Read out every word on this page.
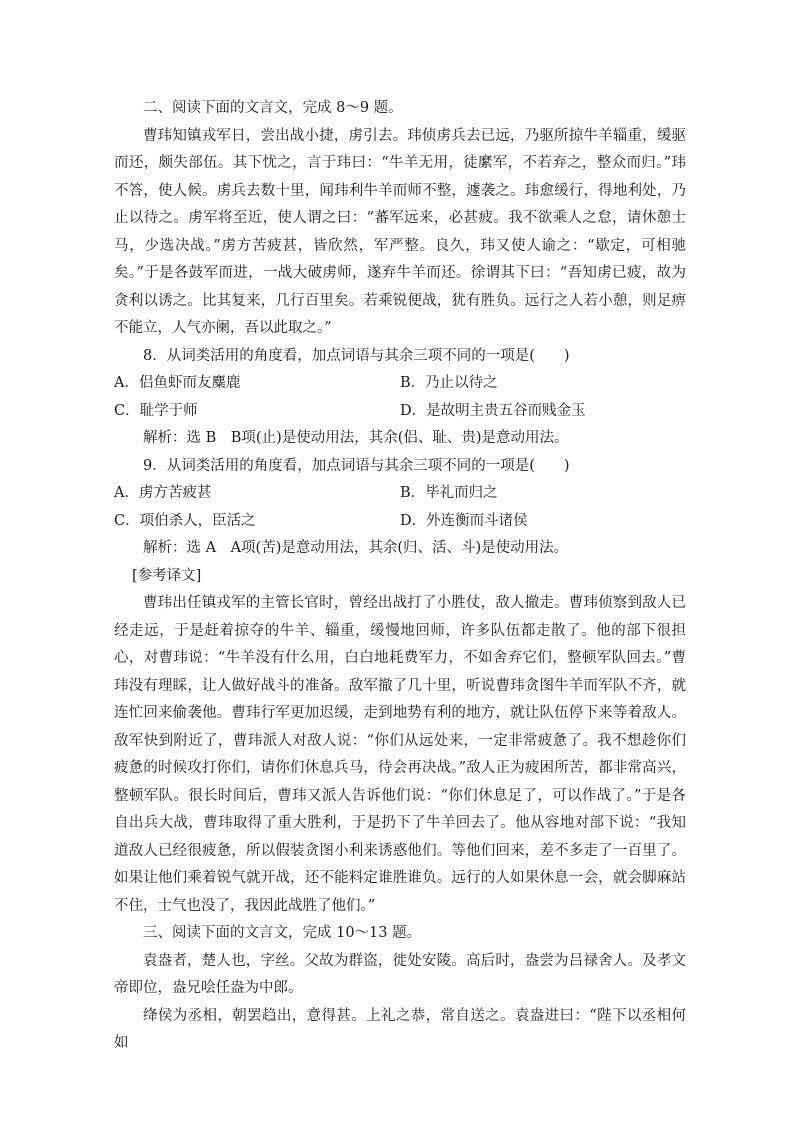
二、阅读下面的文言文，完成 8～9 题。

曹玮知镇戎军日，尝出战小捷，虏引去。玮侦虏兵去已远，乃驱所掠牛羊辎重，缓驱而还，颇失部伍。其下忧之，言于玮曰：“牛羊无用，徒縻军，不若弃之，整众而归。”玮不答，使人候。虏兵去数十里，闻玮利牛羊而师不整，遽袭之。玮愈缓行，得地利处，乃止以待之。虏军将至近，使人谓之曰：“蕃军远来，必甚疲。我不欲乘人之怠，请休憩士马，少选决战。”虏方苦疲甚，皆欣然，军严整。良久，玮又使人谕之：“歇定，可相驰矣。”于是各鼓军而进，一战大破虏师，遂弃牛羊而还。徐谓其下曰：“吾知虏已疲，故为贪利以诱之。比其复来，几行百里矣。若乘锐便战，犹有胜负。远行之人若小憩，则足痹不能立，人气亦阑，吾以此取之。”

8．从词类活用的角度看，加点词语与其余三项不同的一项是(　　)

A．侣鱼虾而友麋鹿	B．乃止以待之
C．耻学于师	D．是故明主贵五谷而贱金玉

解析：选 B　B项(止)是使动用法，其余(侣、耻、贵)是意动用法。

9．从词类活用的角度看，加点词语与其余三项不同的一项是(　　)

A．虏方苦疲甚	B．毕礼而归之
C．项伯杀人，臣活之	D．外连衡而斗诸侯

解析：选 A　A项(苦)是意动用法，其余(归、活、斗)是使动用法。

[参考译文]

曹玮出任镇戎军的主管长官时，曾经出战打了小胜仗，敌人撤走。曹玮侦察到敌人已经走远，于是赶着掠夺的牛羊、辎重，缓慢地回师，许多队伍都走散了。他的部下很担心，对曹玮说：“牛羊没有什么用，白白地耗费军力，不如舍弃它们，整顿军队回去。”曹玮没有理睬，让人做好战斗的准备。敌军撤了几十里，听说曹玮贪图牛羊而军队不齐，就连忙回来偷袭他。曹玮行军更加迟缓，走到地势有利的地方，就让队伍停下来等着敌人。敌军快到附近了，曹玮派人对敌人说：“你们从远处来，一定非常疲惫了。我不想趁你们疲惫的时候攻打你们，请你们休息兵马，待会再决战。”敌人正为疲困所苦，都非常高兴，整顿军队。很长时间后，曹玮又派人告诉他们说：“你们休息足了，可以作战了。”于是各自出兵大战，曹玮取得了重大胜利，于是扔下了牛羊回去了。他从容地对部下说：“我知道敌人已经很疲惫，所以假装贪图小利来诱惑他们。等他们回来，差不多走了一百里了。如果让他们乘着锐气就开战，还不能料定谁胜谁负。远行的人如果休息一会，就会脚麻站不住，士气也没了，我因此战胜了他们。”

三、阅读下面的文言文，完成 10～13 题。

袁盎者，楚人也，字丝。父故为群盗，徙处安陵。高后时，盎尝为吕禄舍人。及孝文帝即位，盎兄哙任盎为中郎。

绛侯为丞相，朝罢趋出，意得甚。上礼之恭，常自送之。袁盎进曰：“陛下以丞相何如
